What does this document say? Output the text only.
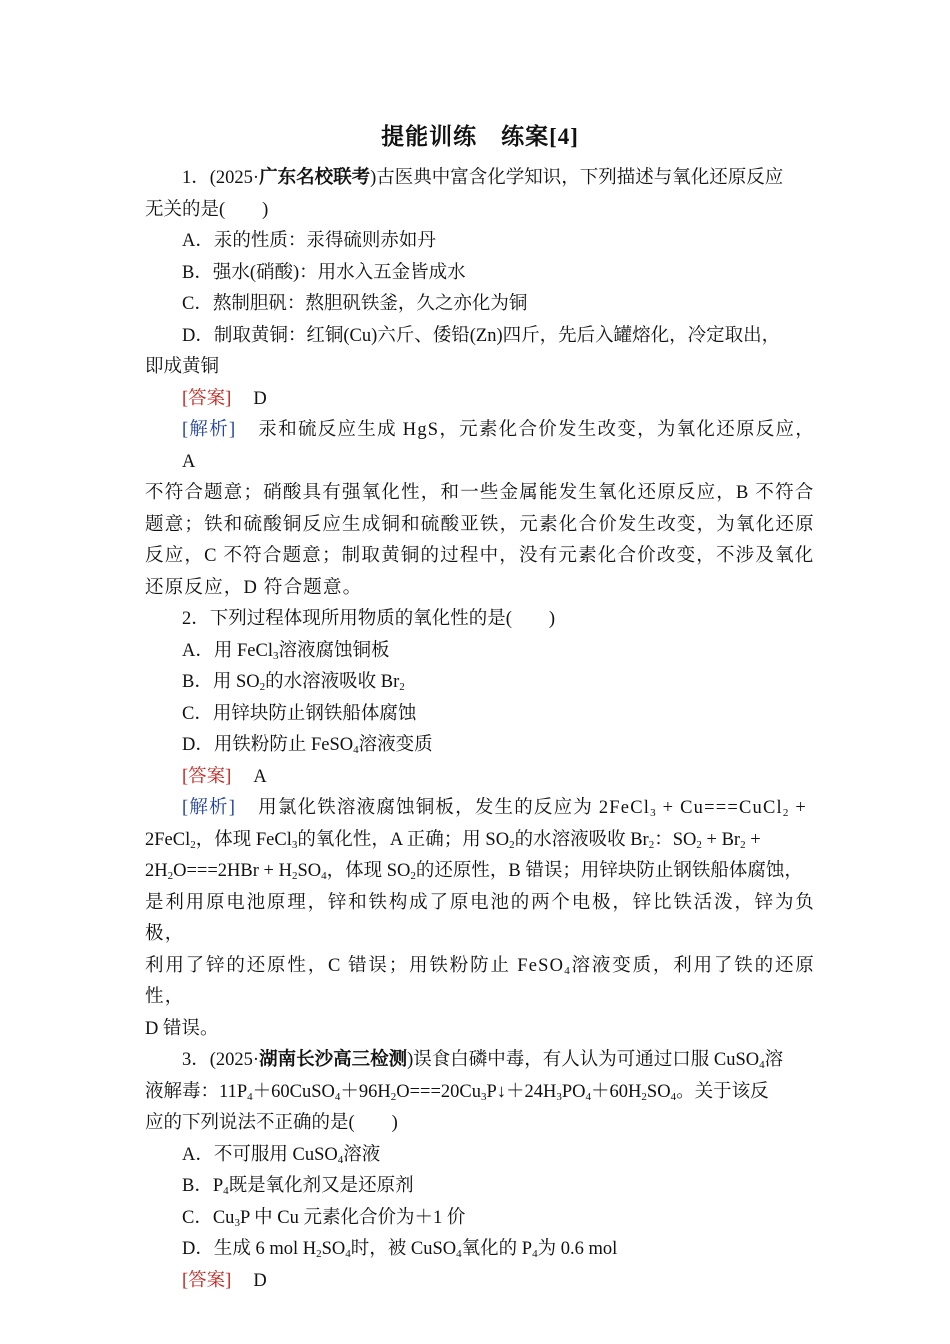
提能训练　练案[4]

1．(2025·广东名校联考)古医典中富含化学知识，下列描述与氧化还原反应

无关的是(　　)

A．汞的性质：汞得硫则赤如丹

B．强水(硝酸)：用水入五金皆成水

C．熬制胆矾：熬胆矾铁釜，久之亦化为铜

D．制取黄铜：红铜(Cu)六斤、倭铅(Zn)四斤，先后入罐熔化，冷定取出，

即成黄铜

[答案] D

[解析] 汞和硫反应生成 HgS，元素化合价发生改变，为氧化还原反应，A

不符合题意；硝酸具有强氧化性，和一些金属能发生氧化还原反应，B 不符合

题意；铁和硫酸铜反应生成铜和硫酸亚铁，元素化合价发生改变，为氧化还原

反应，C 不符合题意；制取黄铜的过程中，没有元素化合价改变，不涉及氧化

还原反应，D 符合题意。

2．下列过程体现所用物质的氧化性的是(　　)

A．用 FeCl$_3$溶液腐蚀铜板

B．用 $SO_2$的水溶液吸收 $Br_2$

C．用锌块防止钢铁船体腐蚀

D．用铁粉防止 FeSO$_4$溶液变质

[答案] A

[解析] 用氯化铁溶液腐蚀铜板，发生的反应为 2FeCl$_3$ + Cu===CuCl$_2$ +

2FeCl$_2$，体现 FeCl$_3$的氧化性，A 正确；用 $SO_2$的水溶液吸收 $Br_2$：$SO_2 + Br_2$ +

$2H_2O===2HBr + H_2SO_4$，体现 $SO_2$的还原性，B 错误；用锌块防止钢铁船体腐蚀，

是利用原电池原理，锌和铁构成了原电池的两个电极，锌比铁活泼，锌为负极，

利用了锌的还原性，C 错误；用铁粉防止 FeSO$_4$溶液变质，利用了铁的还原性，

D 错误。

3．(2025·湖南长沙高三检测)误食白磷中毒，有人认为可通过口服 CuSO$_4$溶

液解毒：$11P_4+60CuSO_4+96H_2O===20Cu_3P↓+24H_3PO_4+60H_2SO_4$。关于该反

应的下列说法不正确的是(　　)

A．不可服用 CuSO$_4$溶液

B．$P_4$既是氧化剂又是还原剂

C．$Cu_3P$ 中 Cu 元素化合价为＋1 价

D．生成 6 mol $H_2SO_4$时，被 CuSO$_4$氧化的 $P_4$为 0.6 mol

[答案] D
